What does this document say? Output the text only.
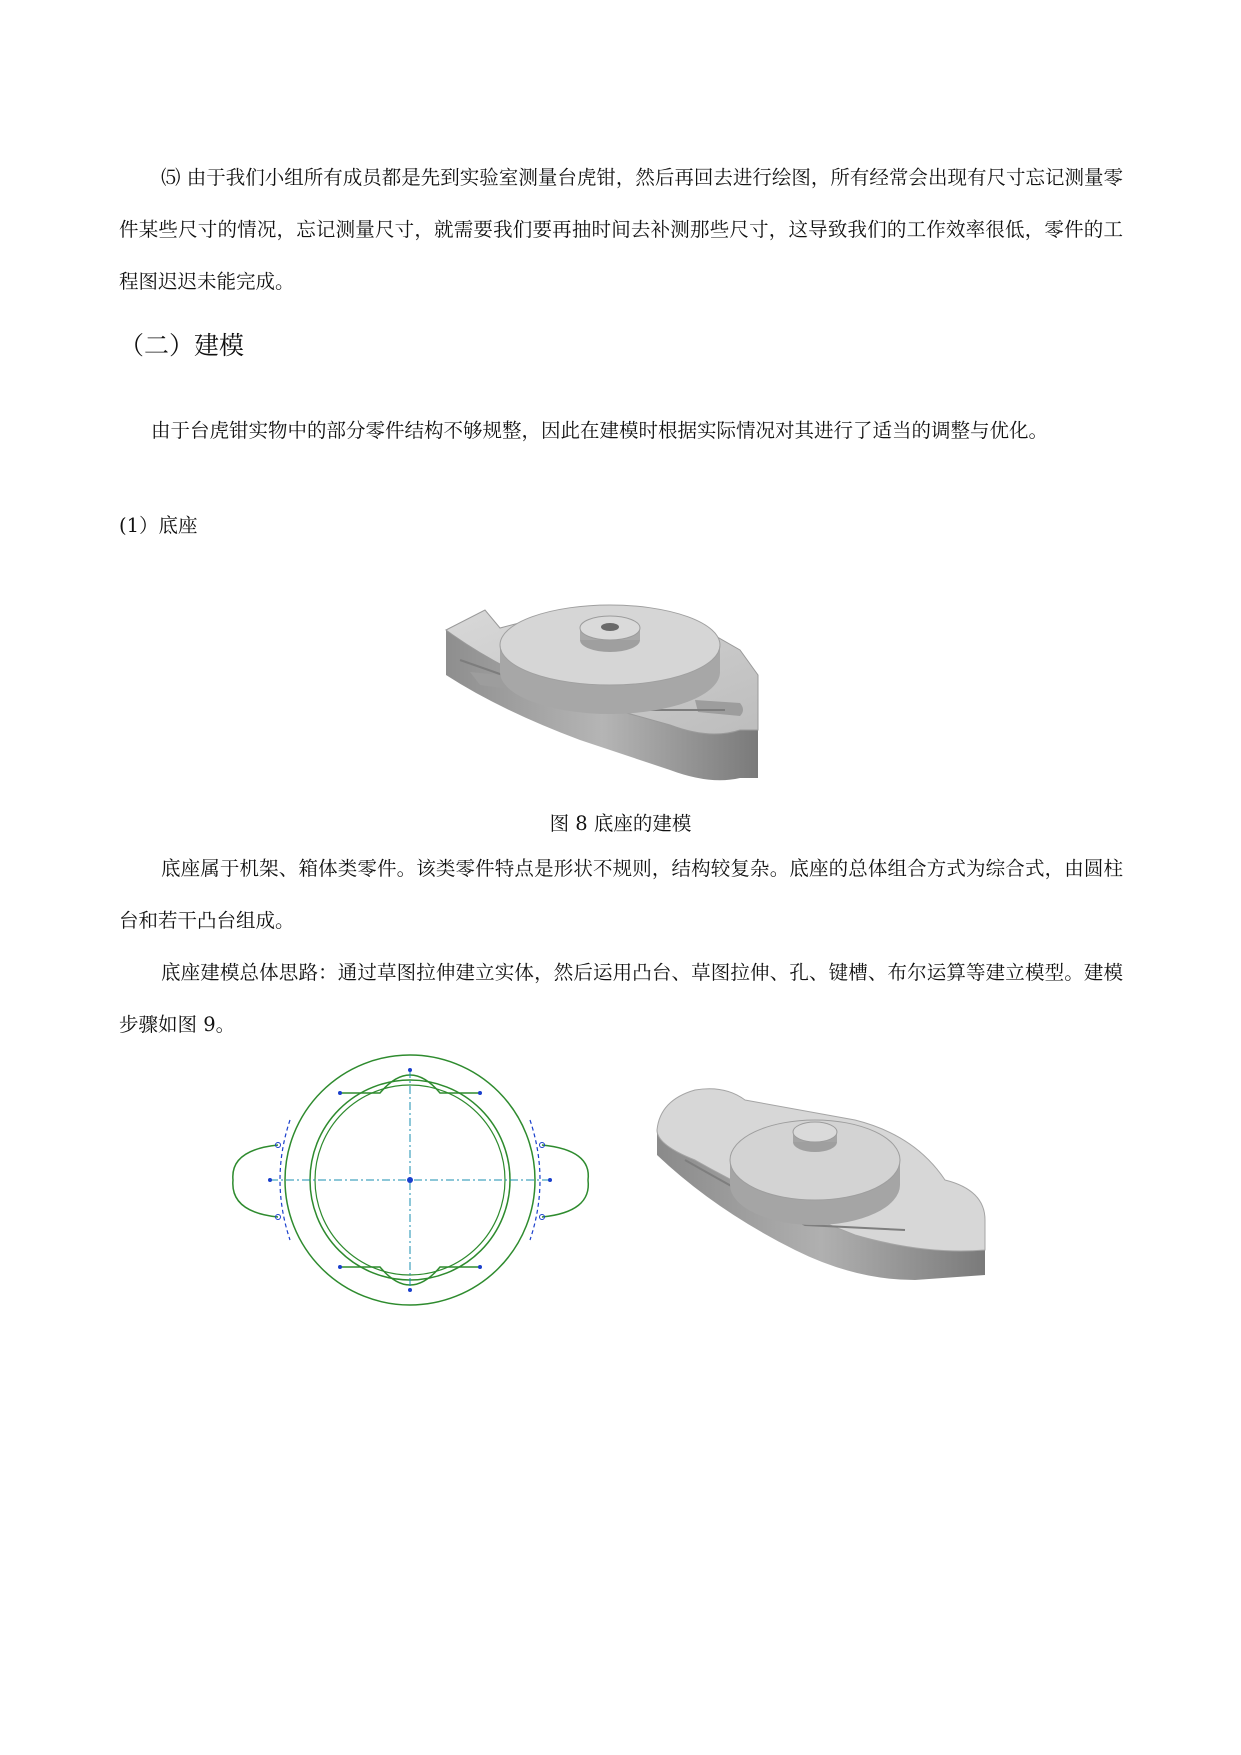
⑸ 由于我们小组所有成员都是先到实验室测量台虎钳，然后再回去进行绘图，所有经常会出现有尺寸忘记测量零件某些尺寸的情况，忘记测量尺寸，就需要我们要再抽时间去补测那些尺寸，这导致我们的工作效率很低，零件的工程图迟迟未能完成。

（二）建模

由于台虎钳实物中的部分零件结构不够规整，因此在建模时根据实际情况对其进行了适当的调整与优化。

(1）底座

图 8 底座的建模

底座属于机架、箱体类零件。该类零件特点是形状不规则，结构较复杂。底座的总体组合方式为综合式，由圆柱台和若干凸台组成。

底座建模总体思路：通过草图拉伸建立实体，然后运用凸台、草图拉伸、孔、键槽、布尔运算等建立模型。建模步骤如图 9。
